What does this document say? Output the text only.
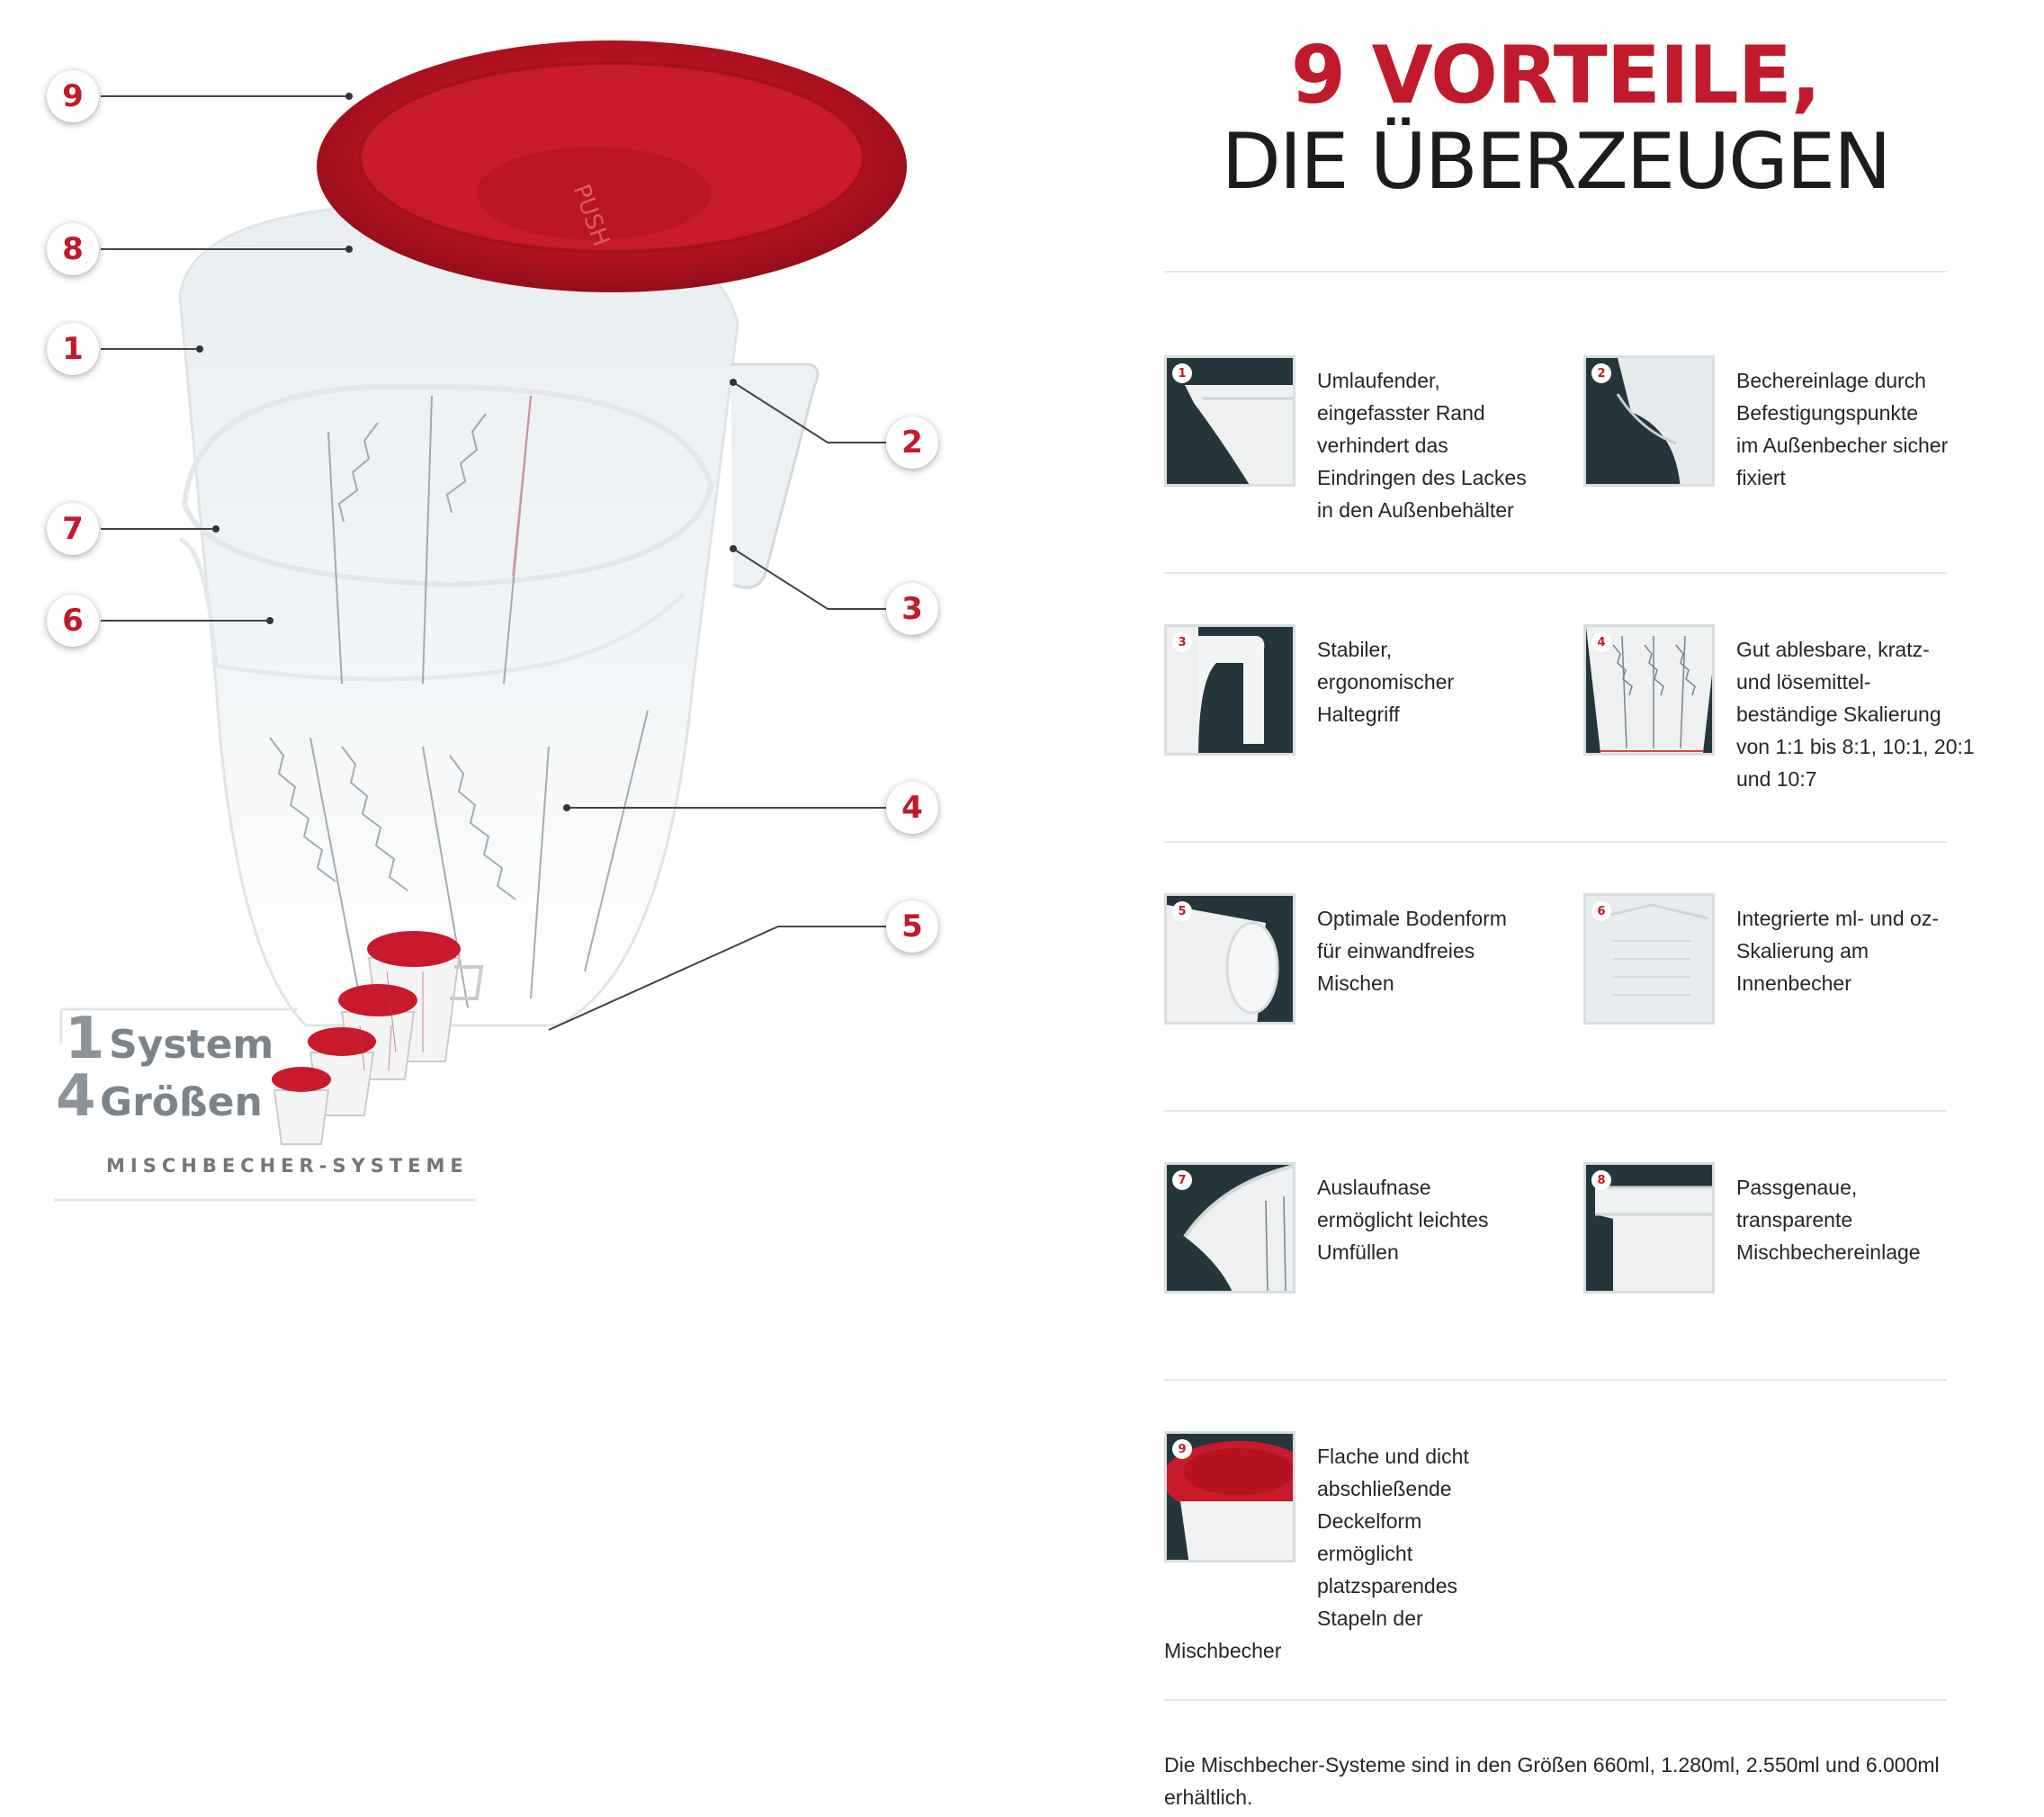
PUSH
9
8
1
7
6
2
3
4
5
1 System
4 Größen
MISCHBECHER-SYSTEME
9 VORTEILE,
DIE ÜBERZEUGEN
1	Umlaufender,
eingefasster Rand
verhindert das
Eindringen des Lackes
in den Außenbehälter
2	Bechereinlage durch
Befestigungspunkte
im Außenbecher sicher
fixiert
3	Stabiler,
ergonomischer
Haltegriff
4	Gut ablesbare, kratz-
und lösemittel-
beständige Skalierung
von 1:1 bis 8:1, 10:1, 20:1
und 10:7
5	Optimale Bodenform
für einwandfreies
Mischen
6	Integrierte ml- und oz-
Skalierung am
Innenbecher
7	Auslaufnase
ermöglicht leichtes
Umfüllen
8	Passgenaue,
transparente
Mischbechereinlage
9	Flache und dicht
abschließende
Deckelform
ermöglicht
platzsparendes
Stapeln der
Mischbecher
Die Mischbecher-Systeme sind in den Größen 660ml, 1.280ml, 2.550ml und 6.000ml erhältlich.
